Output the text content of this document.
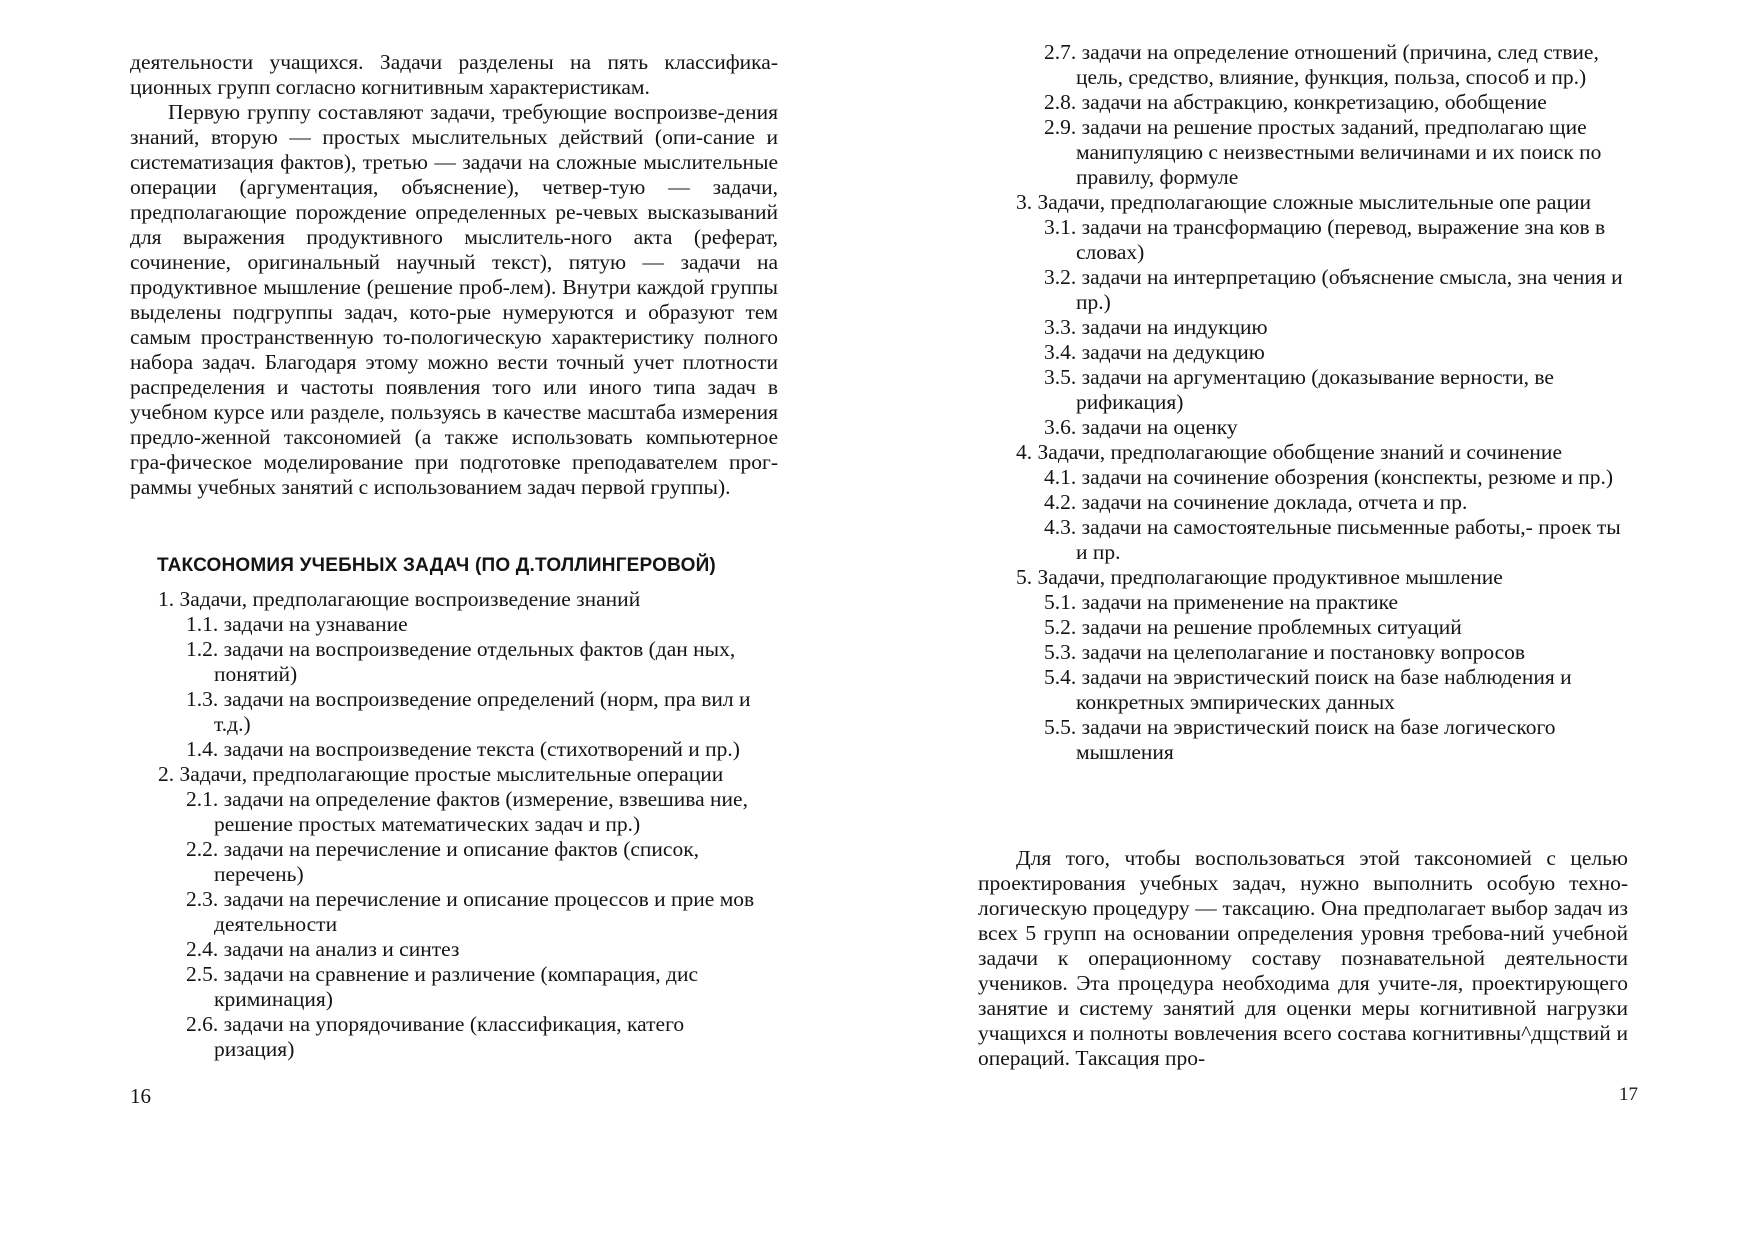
деятельности учащихся. Задачи разделены на пять классифика-ционных групп согласно когнитивным характеристикам.

Первую группу составляют задачи, требующие воспроизве-дения знаний, вторую — простых мыслительных действий (опи-сание и систематизация фактов), третью — задачи на сложные мыслительные операции (аргументация, объяснение), четвер-тую — задачи, предполагающие порождение определенных ре-чевых высказываний для выражения продуктивного мыслитель-ного акта (реферат, сочинение, оригинальный научный текст), пятую — задачи на продуктивное мышление (решение проб-лем). Внутри каждой группы выделены подгруппы задач, кото-рые нумеруются и образуют тем самым пространственную то-пологическую характеристику полного набора задач. Благодаря этому можно вести точный учет плотности распределения и частоты появления того или иного типа задач в учебном курсе или разделе, пользуясь в качестве масштаба измерения предло-женной таксономией (а также использовать компьютерное гра-фическое моделирование при подготовке преподавателем прог-раммы учебных занятий с использованием задач первой группы).

ТАКСОНОМИЯ УЧЕБНЫХ ЗАДАЧ (ПО Д.ТОЛЛИНГЕРОВОЙ)
1. Задачи, предполагающие воспроизведение знаний
1.1. задачи на узнавание
1.2. задачи на воспроизведение отдельных фактов (дан ных, понятий)
1.3. задачи на воспроизведение определений (норм, пра вил и т.д.)
1.4. задачи на воспроизведение текста (стихотворений и пр.)
2. Задачи, предполагающие простые мыслительные операции
2.1. задачи на определение фактов (измерение, взвешива ние, решение простых математических задач и пр.)
2.2. задачи на перечисление и описание фактов (список, перечень)
2.3. задачи на перечисление и описание процессов и прие мов деятельности
2.4. задачи на анализ и синтез
2.5. задачи на сравнение и различение (компарация, дис криминация)
2.6. задачи на упорядочивание (классификация, катего ризация)
16
2.7. задачи на определение отношений (причина, след ствие, цель, средство, влияние, функция, польза, способ и пр.)
2.8. задачи на абстракцию, конкретизацию, обобщение
2.9. задачи на решение простых заданий, предполагаю щие манипуляцию с неизвестными величинами и их поиск по правилу, формуле
3. Задачи, предполагающие сложные мыслительные опе рации
3.1. задачи на трансформацию (перевод, выражение зна ков в словах)
3.2. задачи на интерпретацию (объяснение смысла, зна чения и пр.)
3.3. задачи на индукцию
3.4. задачи на дедукцию
3.5. задачи на аргументацию (доказывание верности, ве рификация)
3.6. задачи на оценку
4. Задачи, предполагающие обобщение знаний и сочинение
4.1. задачи на сочинение обозрения (конспекты, резюме и пр.)
4.2. задачи на сочинение доклада, отчета и пр.
4.3. задачи на самостоятельные письменные работы,- проек ты и пр.
5. Задачи, предполагающие продуктивное мышление
5.1. задачи на применение на практике
5.2. задачи на решение проблемных ситуаций
5.3. задачи на целеполагание и постановку вопросов
5.4. задачи на эвристический поиск на базе наблюдения и конкретных эмпирических данных
5.5. задачи на эвристический поиск на базе логического мышления

Для того, чтобы воспользоваться этой таксономией с целью проектирования учебных задач, нужно выполнить особую техно-логическую процедуру — таксацию. Она предполагает выбор задач из всех 5 групп на основании определения уровня требова-ний учебной задачи к операционному составу познавательной деятельности учеников. Эта процедура необходима для учите-ля, проектирующего занятие и систему занятий для оценки меры когнитивной нагрузки учащихся и полноты вовлечения всего состава когнитивны^дщствий и операций. Таксация про-

17
